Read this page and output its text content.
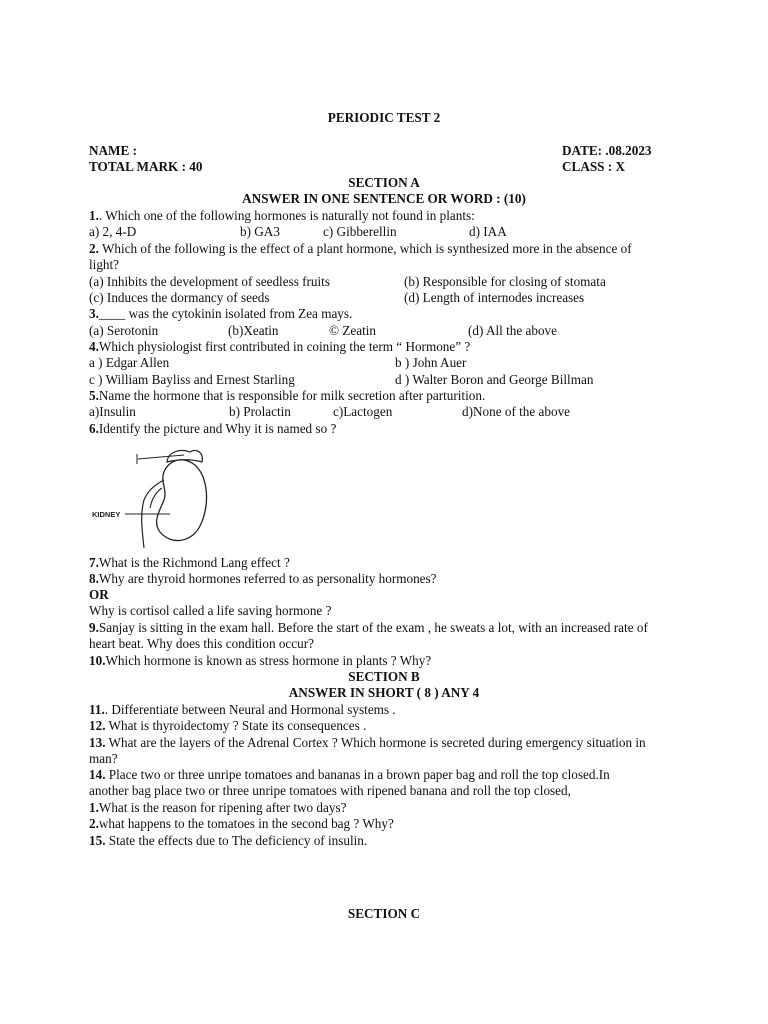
PERIODIC TEST 2
NAME :	DATE: .08.2023
TOTAL MARK : 40	CLASS : X
SECTION A
ANSWER IN ONE SENTENCE OR WORD : (10)
1.. Which one of the following hormones is naturally not found in plants:
a) 2, 4-D	b) GA3	c) Gibberellin	d) IAA
2. Which of the following is the effect of a plant hormone, which is synthesized more in the absence of
light?
(a) Inhibits the development of seedless fruits	(b) Responsible for closing of stomata
(c) Induces the dormancy of seeds	(d) Length of internodes increases
3.____ was the cytokinin isolated from Zea mays.
(a) Serotonin	(b)Xeatin	© Zeatin	(d) All the above
4.Which physiologist first contributed in coining the term “ Hormone” ?
a ) Edgar Allen	b ) John Auer
c ) William Bayliss and Ernest Starling	d ) Walter Boron and George Billman
5.Name the hormone that is responsible for milk secretion after parturition.
a)Insulin	b) Prolactin	c)Lactogen	d)None of the above
6.Identify the picture and Why it is named so ?
KIDNEY
7.What is the Richmond Lang effect ?
8.Why are thyroid hormones referred to as personality hormones?
OR
Why is cortisol called a life saving hormone ?
9.Sanjay is sitting in the exam hall. Before the start of the exam , he sweats a lot, with an increased rate of
heart beat. Why does this condition occur?
10.Which hormone is known as stress hormone in plants ? Why?
SECTION B
ANSWER IN SHORT ( 8 ) ANY 4
11.. Differentiate between Neural and Hormonal systems .
12. What is thyroidectomy ? State its consequences .
13. What are the layers of the Adrenal Cortex ? Which hormone is secreted during emergency situation in
man?
14. Place two or three unripe tomatoes and bananas in a brown paper bag and roll the top closed.In
another bag place two or three unripe tomatoes with ripened banana and roll the top closed,
1.What is the reason for ripening after two days?
2.what happens to the tomatoes in the second bag ? Why?
15. State the effects due to The deficiency of insulin.
SECTION C
